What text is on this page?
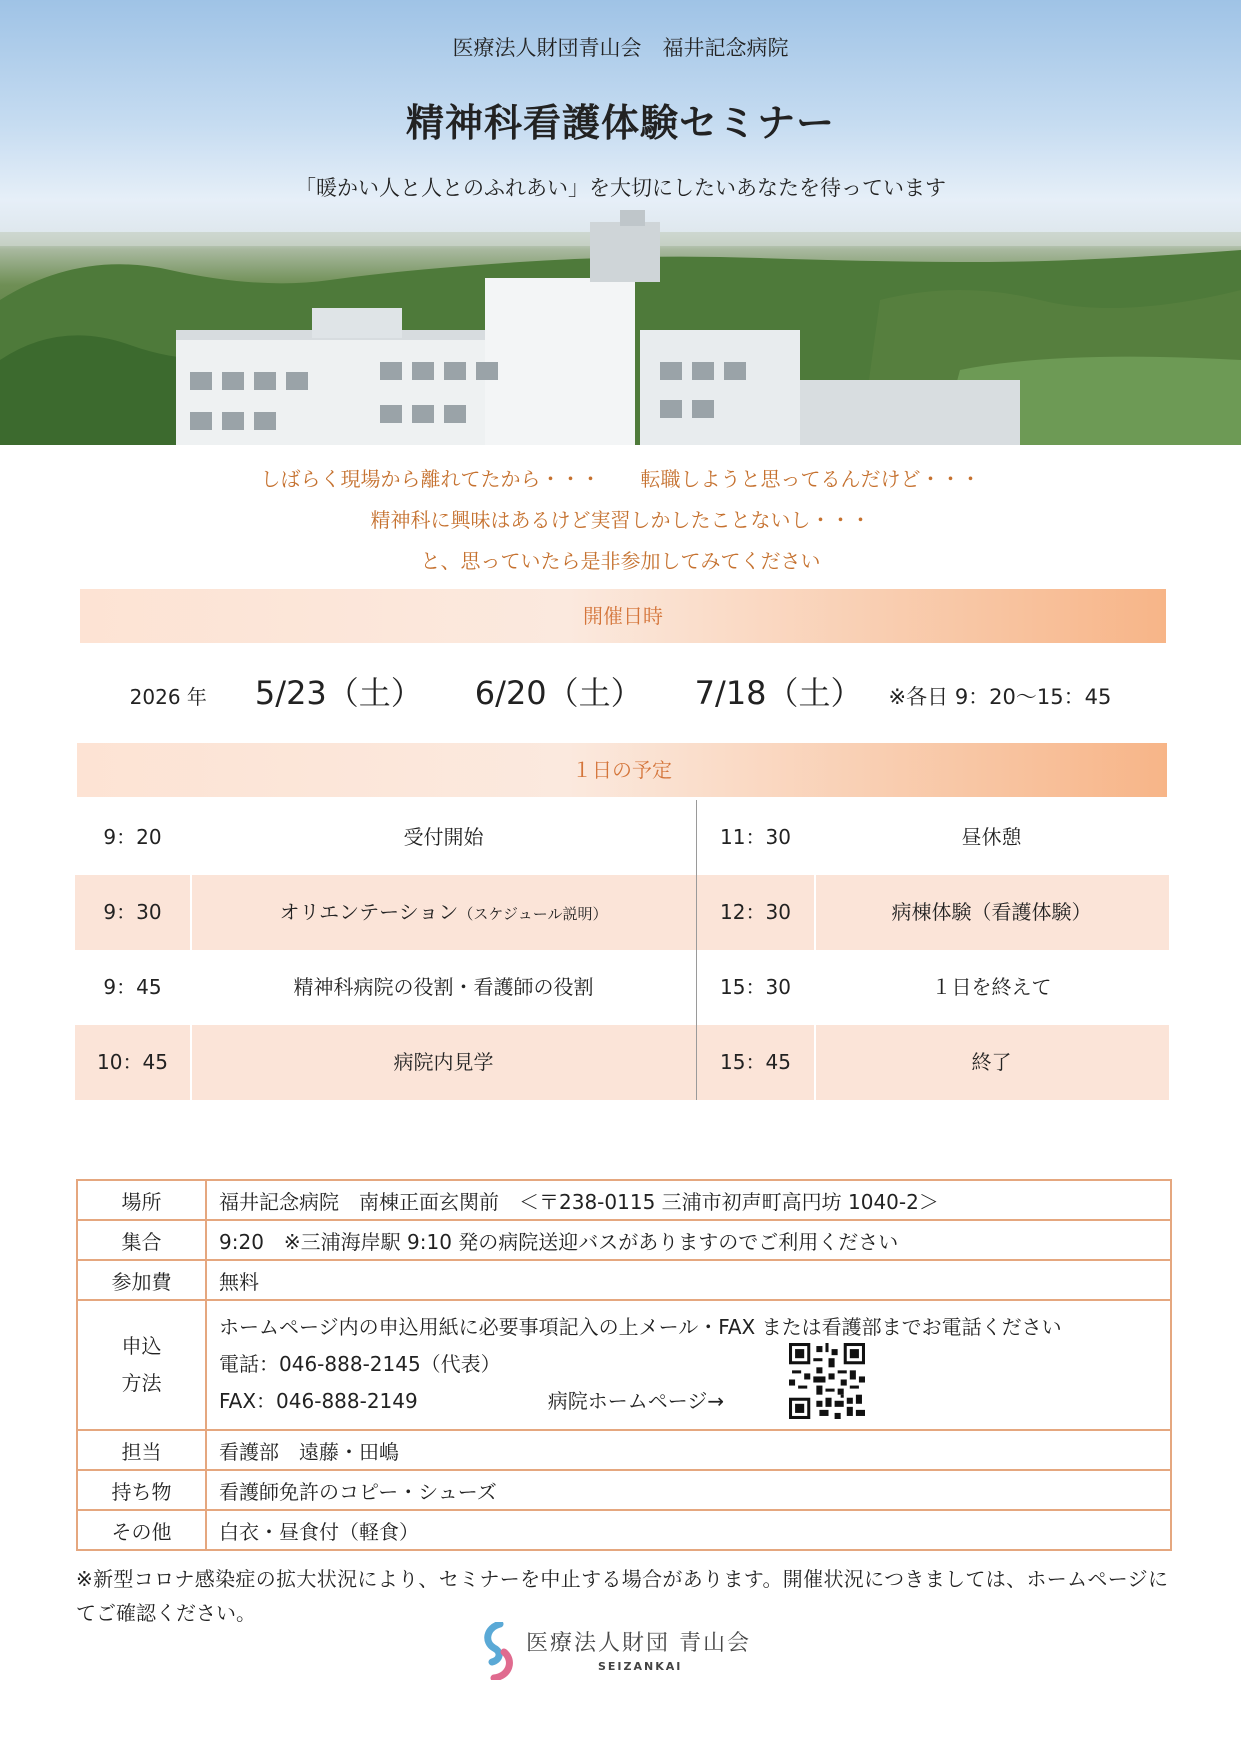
医療法人財団青山会　福井記念病院
精神科看護体験セミナー
「暖かい人と人とのふれあい」を大切にしたいあなたを待っています
しばらく現場から離れてたから・・・　　転職しようと思ってるんだけど・・・
精神科に興味はあるけど実習しかしたことないし・・・
と、思っていたら是非参加してみてください
開催日時
2026 年 5/23（土） 6/20（土） 7/18（土） ※各日 9：20〜15：45
１日の予定
9：20	受付開始	11：30	昼休憩
9：30	オリエンテーション（スケジュール説明）	12：30	病棟体験（看護体験）
9：45	精神科病院の役割・看護師の役割	15：30	１日を終えて
10：45	病院内見学	15：45	終了
場所	福井記念病院　南棟正面玄関前　＜〒238-0115 三浦市初声町高円坊 1040-2＞
集合	9:20　※三浦海岸駅 9:10 発の病院送迎バスがありますのでご利用ください
参加費	無料
申込
方法
ホームページ内の申込用紙に必要事項記入の上メール・FAX または看護部までお電話ください
電話：046-888-2145（代表）
FAX：046-888-2149	病院ホームページ→
担当	看護部　遠藤・田嶋
持ち物	看護師免許のコピー・シューズ
その他	白衣・昼食付（軽食）
※新型コロナ感染症の拡大状況により、セミナーを中止する場合があります。開催状況につきましては、ホームページにてご確認ください。
医療法人財団 青山会
SEIZANKAI
